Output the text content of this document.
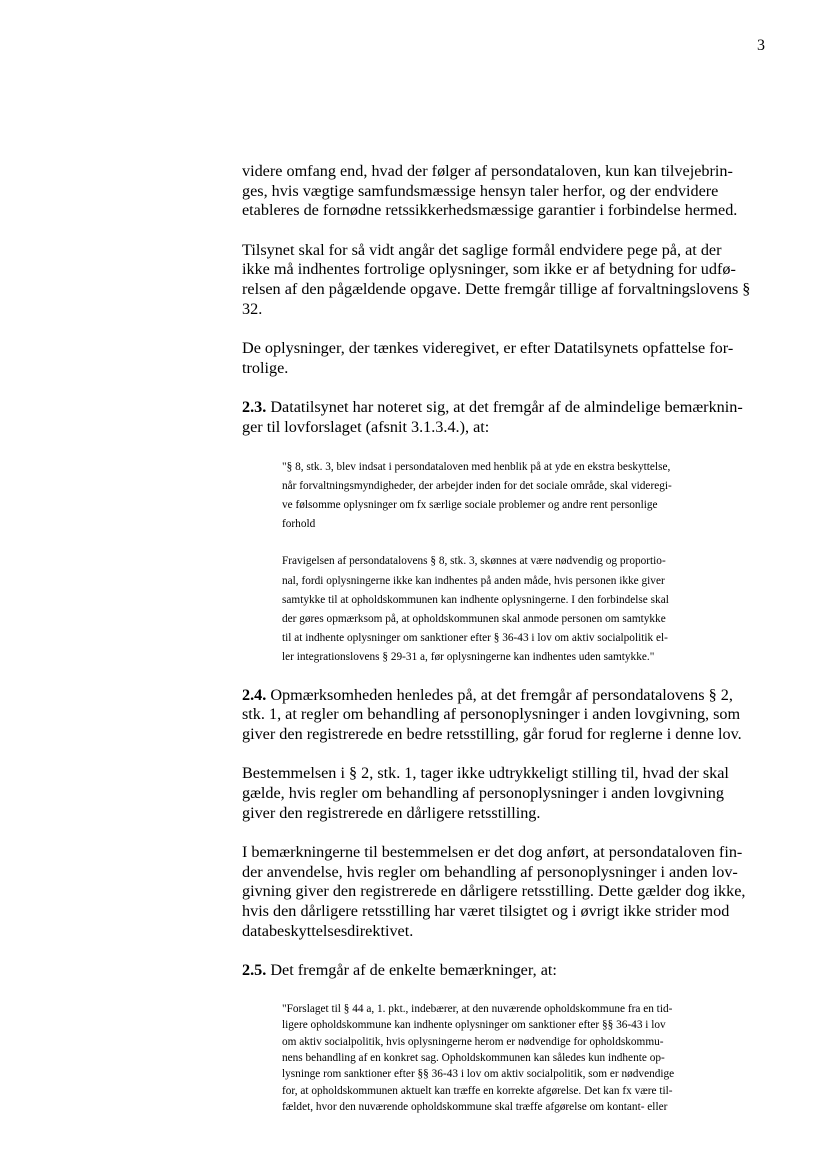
3
videre omfang end, hvad der følger af persondataloven, kun kan tilvejebrin-
ges, hvis vægtige samfundsmæssige hensyn taler herfor, og der endvidere
etableres de fornødne retssikkerhedsmæssige garantier i forbindelse hermed.
Tilsynet skal for så vidt angår det saglige formål endvidere pege på, at der
ikke må indhentes fortrolige oplysninger, som ikke er af betydning for udfø-
relsen af den pågældende opgave. Dette fremgår tillige af forvaltningslovens §
32.
De oplysninger, der tænkes videregivet, er efter Datatilsynets opfattelse for-
trolige.
2.3. Datatilsynet har noteret sig, at det fremgår af de almindelige bemærknin-
ger til lovforslaget (afsnit 3.1.3.4.), at:
"§ 8, stk. 3, blev indsat i persondataloven med henblik på at yde en ekstra beskyttelse,
når forvaltningsmyndigheder, der arbejder inden for det sociale område, skal videregi-
ve følsomme oplysninger om fx særlige sociale problemer og andre rent personlige
forhold
Fravigelsen af persondatalovens § 8, stk. 3, skønnes at være nødvendig og proportio-
nal, fordi oplysningerne ikke kan indhentes på anden måde, hvis personen ikke giver
samtykke til at opholdskommunen kan indhente oplysningerne. I den forbindelse skal
der gøres opmærksom på, at opholdskommunen skal anmode personen om samtykke
til at indhente oplysninger om sanktioner efter § 36-43 i lov om aktiv socialpolitik el-
ler integrationslovens § 29-31 a, før oplysningerne kan indhentes uden samtykke."
2.4. Opmærksomheden henledes på, at det fremgår af persondatalovens § 2,
stk. 1, at regler om behandling af personoplysninger i anden lovgivning, som
giver den registrerede en bedre retsstilling, går forud for reglerne i denne lov.
Bestemmelsen i § 2, stk. 1, tager ikke udtrykkeligt stilling til, hvad der skal
gælde, hvis regler om behandling af personoplysninger i anden lovgivning
giver den registrerede en dårligere retsstilling.
I bemærkningerne til bestemmelsen er det dog anført, at persondataloven fin-
der anvendelse, hvis regler om behandling af personoplysninger i anden lov-
givning giver den registrerede en dårligere retsstilling. Dette gælder dog ikke,
hvis den dårligere retsstilling har været tilsigtet og i øvrigt ikke strider mod
databeskyttelsesdirektivet.
2.5. Det fremgår af de enkelte bemærkninger, at:
"Forslaget til § 44 a, 1. pkt., indebærer, at den nuværende opholdskommune fra en tid-
ligere opholdskommune kan indhente oplysninger om sanktioner efter §§ 36-43 i lov
om aktiv socialpolitik, hvis oplysningerne herom er nødvendige for opholdskommu-
nens behandling af en konkret sag. Opholdskommunen kan således kun indhente op-
lysninge rom sanktioner efter §§ 36-43 i lov om aktiv socialpolitik, som er nødvendige
for, at opholdskommunen aktuelt kan træffe en korrekte afgørelse. Det kan fx være til-
fældet, hvor den nuværende opholdskommune skal træffe afgørelse om kontant- eller
